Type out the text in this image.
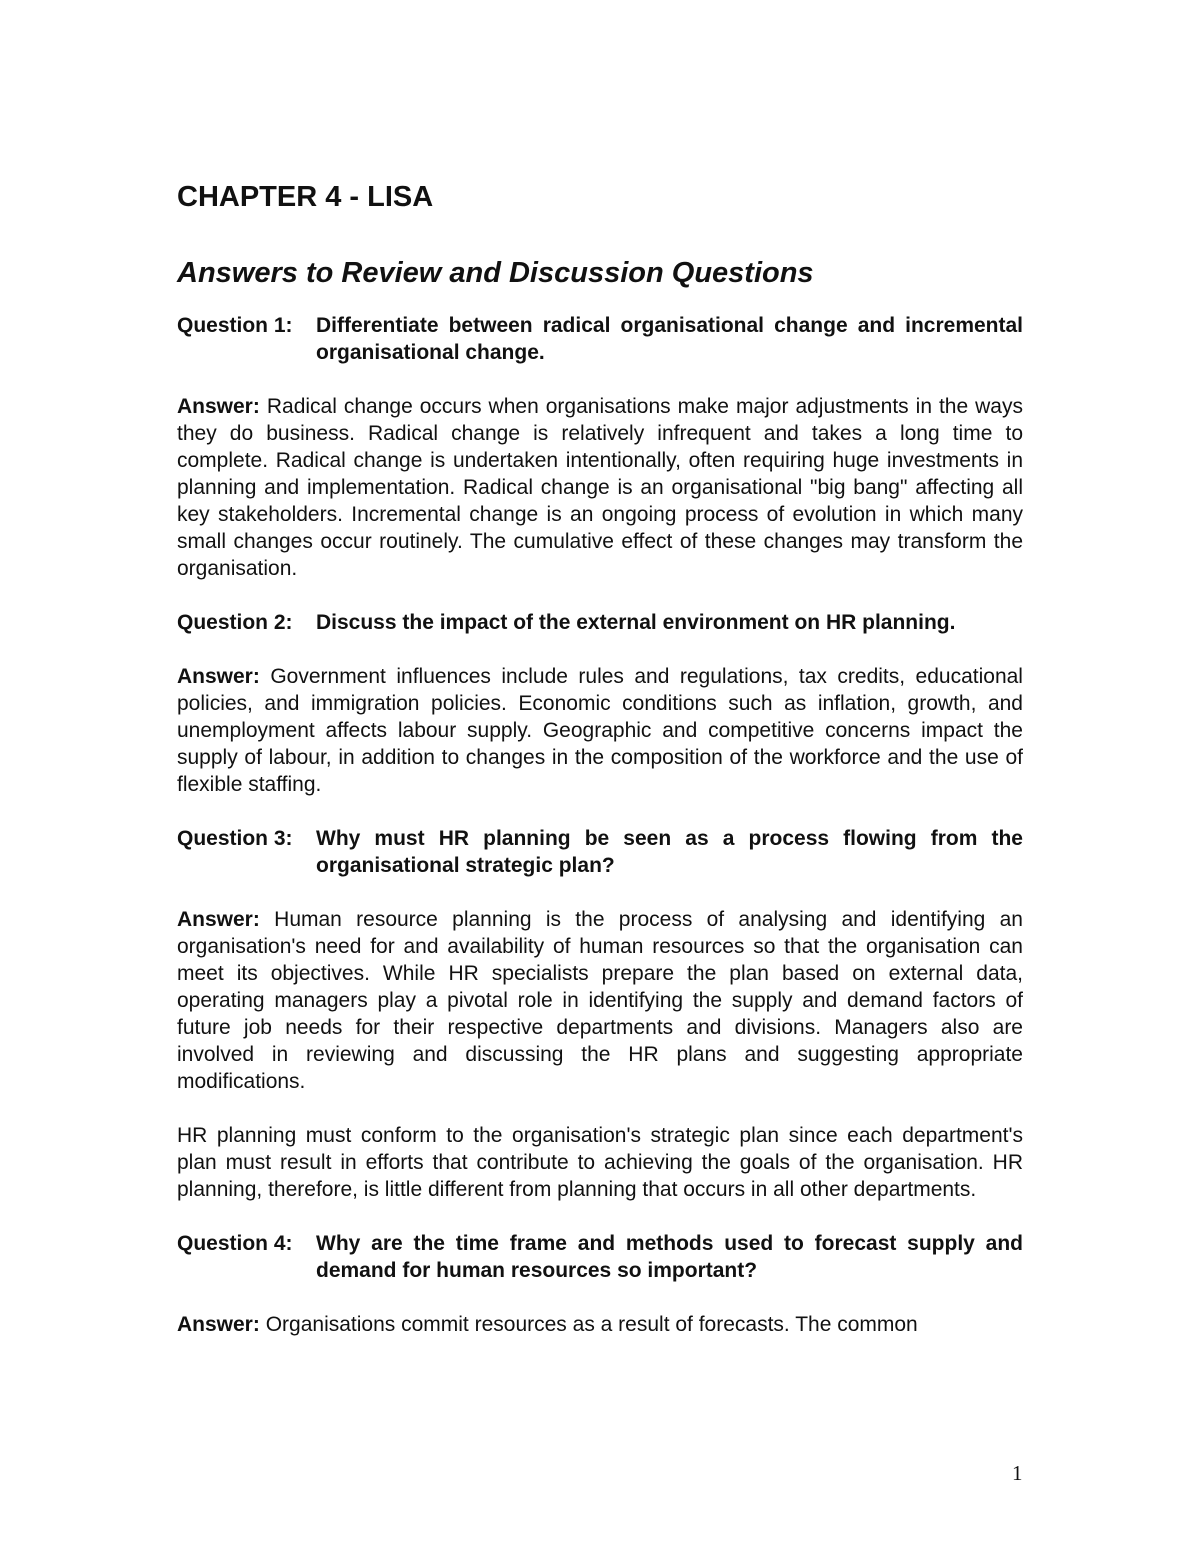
CHAPTER 4 - LISA
Answers to Review and Discussion Questions
Question 1:	Differentiate between radical organisational change and incremental organisational change.

Answer: Radical change occurs when organisations make major adjustments in the ways they do business. Radical change is relatively infrequent and takes a long time to complete. Radical change is undertaken intentionally, often requiring huge investments in planning and implementation. Radical change is an organisational "big bang" affecting all key stakeholders. Incremental change is an ongoing process of evolution in which many small changes occur routinely. The cumulative effect of these changes may transform the organisation.

Question 2:	Discuss the impact of the external environment on HR planning.

Answer: Government influences include rules and regulations, tax credits, educational policies, and immigration policies. Economic conditions such as inflation, growth, and unemployment affects labour supply. Geographic and competitive concerns impact the supply of labour, in addition to changes in the composition of the workforce and the use of flexible staffing.

Question 3:	Why must HR planning be seen as a process flowing from the organisational strategic plan?

Answer: Human resource planning is the process of analysing and identifying an organisation's need for and availability of human resources so that the organisation can meet its objectives. While HR specialists prepare the plan based on external data, operating managers play a pivotal role in identifying the supply and demand factors of future job needs for their respective departments and divisions. Managers also are involved in reviewing and discussing the HR plans and suggesting appropriate modifications.

HR planning must conform to the organisation's strategic plan since each department's plan must result in efforts that contribute to achieving the goals of the organisation. HR planning, therefore, is little different from planning that occurs in all other departments.

Question 4:	Why are the time frame and methods used to forecast supply and demand for human resources so important?

Answer: Organisations commit resources as a result of forecasts. The common

1
